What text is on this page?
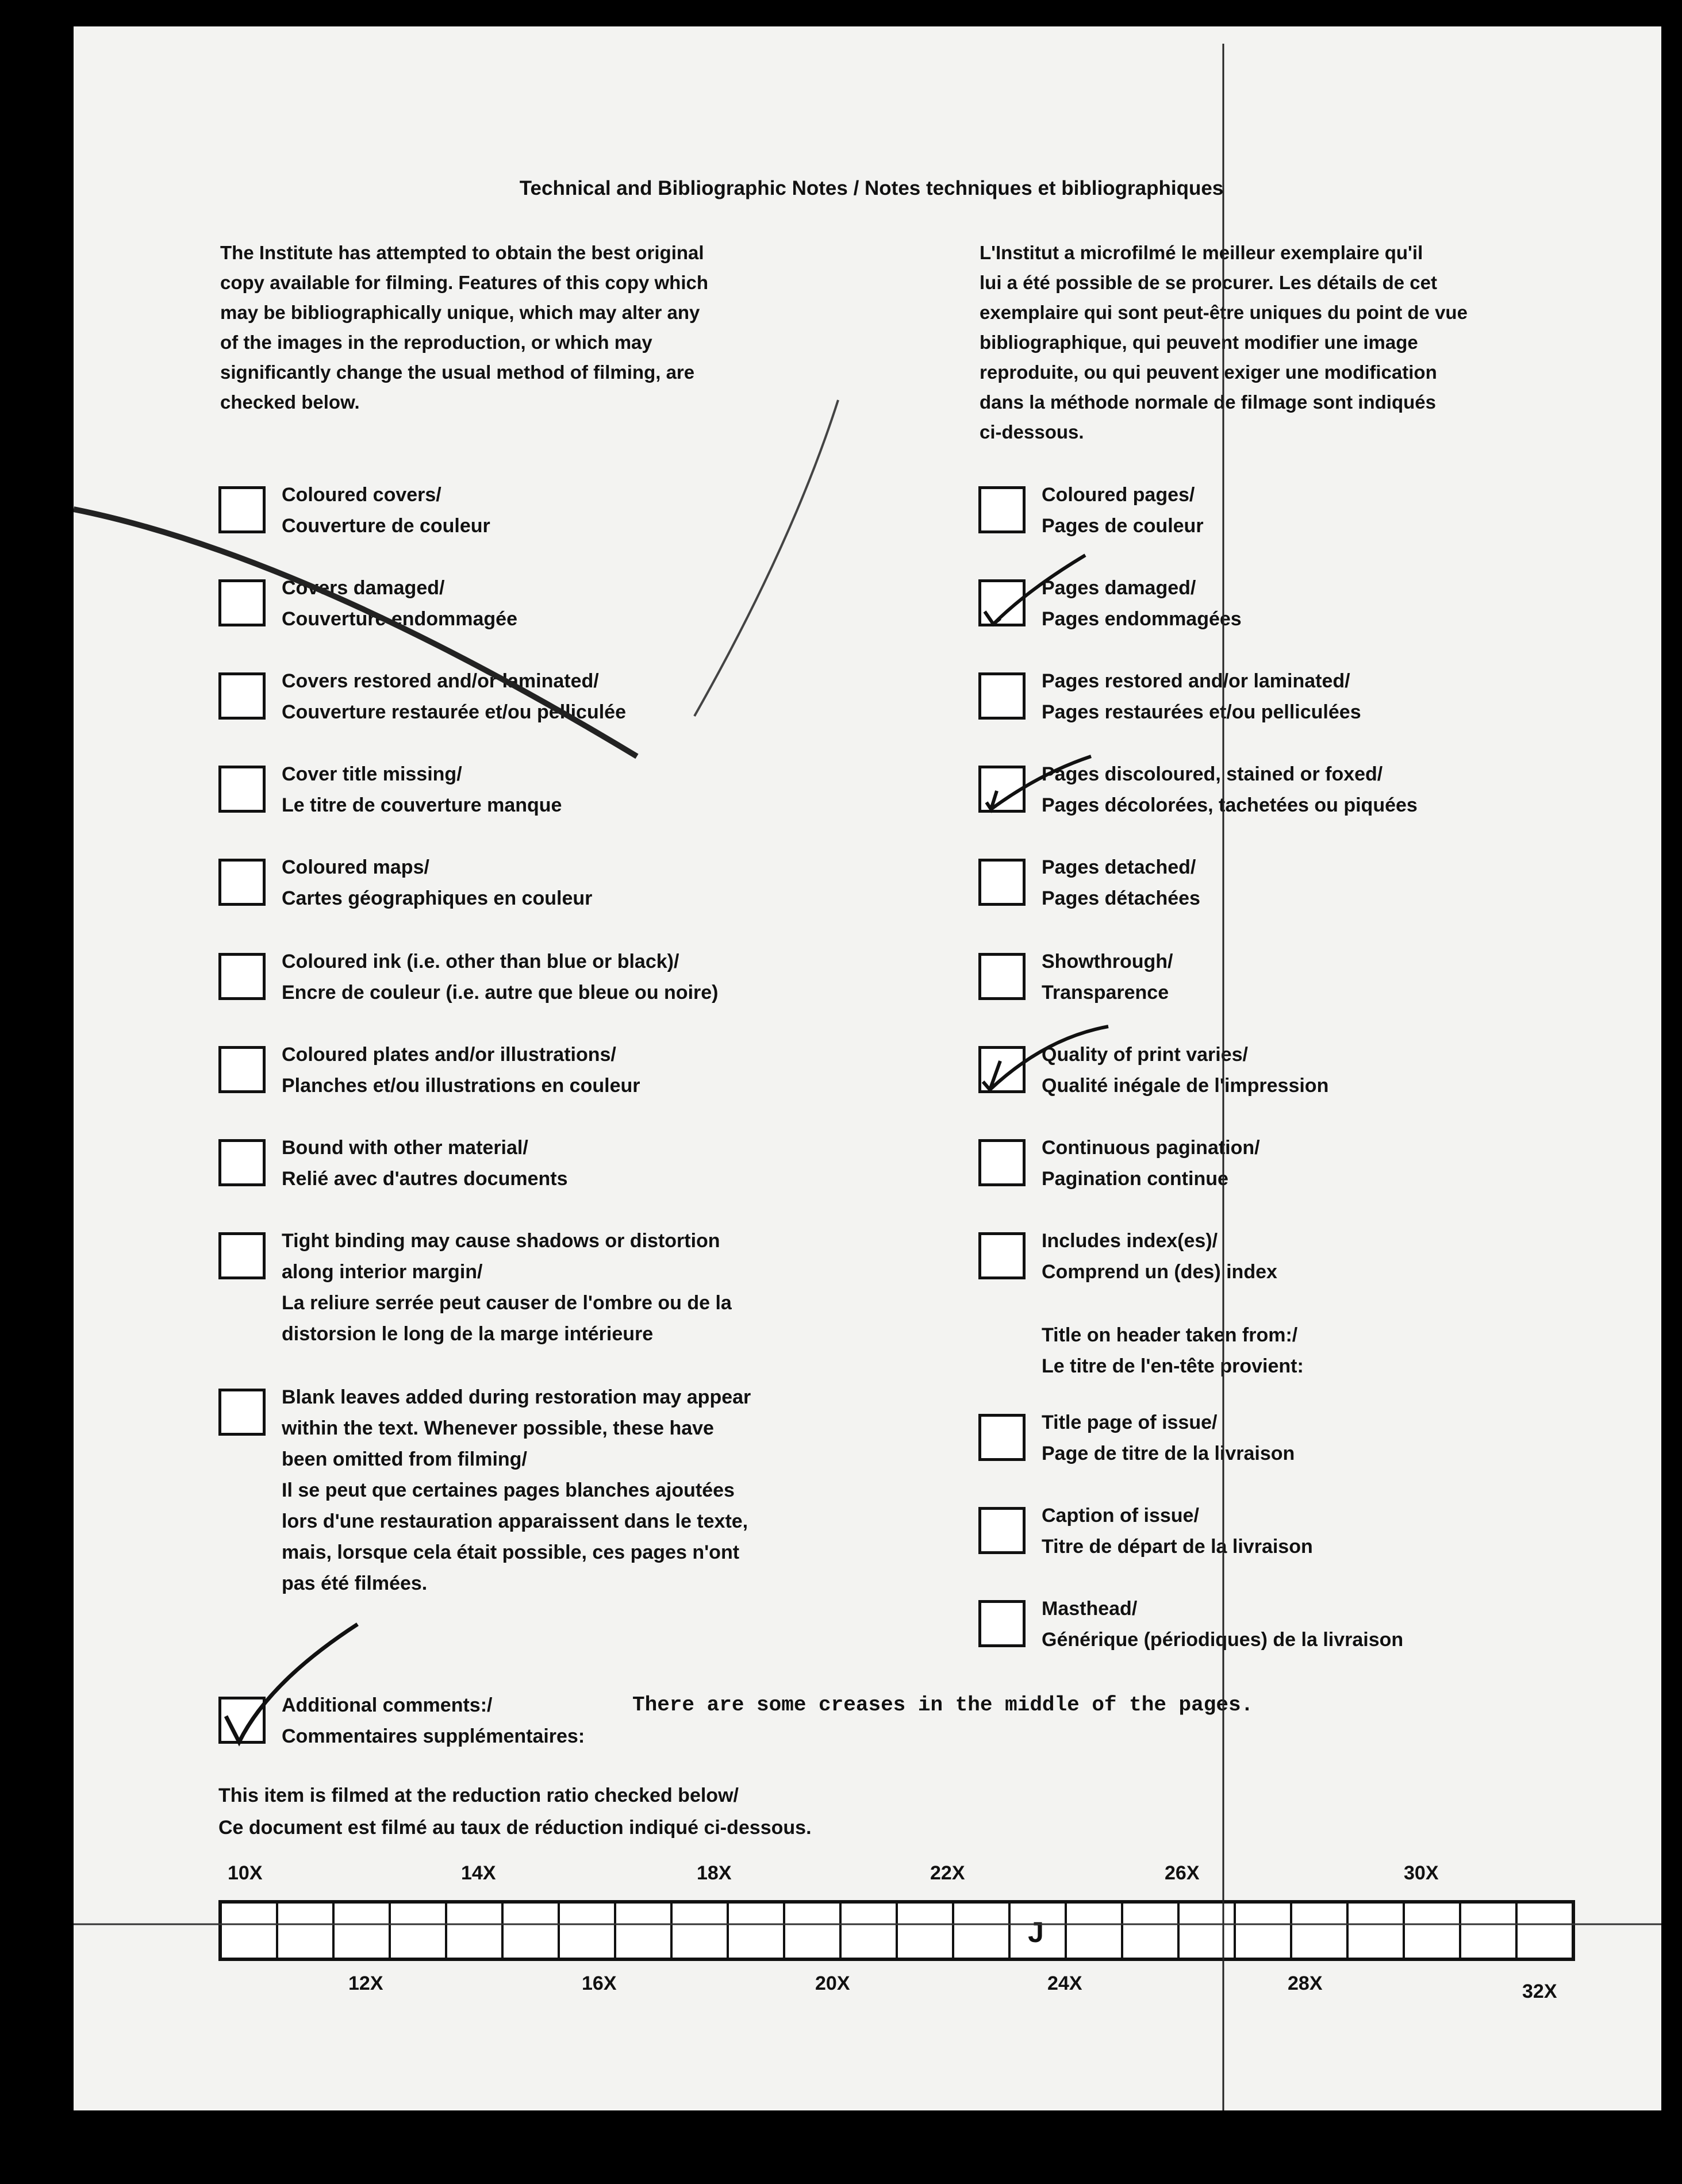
Technical and Bibliographic Notes / Notes techniques et bibliographiques
The Institute has attempted to obtain the best original
copy available for filming. Features of this copy which
may be bibliographically unique, which may alter any
of the images in the reproduction, or which may
significantly change the usual method of filming, are
checked below.
L'Institut a microfilmé le meilleur exemplaire qu'il
lui a été possible de se procurer. Les détails de cet
exemplaire qui sont peut-être uniques du point de vue
bibliographique, qui peuvent modifier une image
reproduite, ou qui peuvent exiger une modification
dans la méthode normale de filmage sont indiqués
ci-dessous.
Coloured covers/
Couverture de couleur
Covers damaged/
Couverture endommagée
Covers restored and/or laminated/
Couverture restaurée et/ou pelliculée
Cover title missing/
Le titre de couverture manque
Coloured maps/
Cartes géographiques en couleur
Coloured ink (i.e. other than blue or black)/
Encre de couleur (i.e. autre que bleue ou noire)
Coloured plates and/or illustrations/
Planches et/ou illustrations en couleur
Bound with other material/
Relié avec d'autres documents
Tight binding may cause shadows or distortion
along interior margin/
La reliure serrée peut causer de l'ombre ou de la
distorsion le long de la marge intérieure
Blank leaves added during restoration may appear
within the text. Whenever possible, these have
been omitted from filming/
Il se peut que certaines pages blanches ajoutées
lors d'une restauration apparaissent dans le texte,
mais, lorsque cela était possible, ces pages n'ont
pas été filmées.
Coloured pages/
Pages de couleur
Pages damaged/
Pages endommagées
Pages restored and/or laminated/
Pages restaurées et/ou pelliculées
Pages discoloured, stained or foxed/
Pages décolorées, tachetées ou piquées
Pages detached/
Pages détachées
Showthrough/
Transparence
Quality of print varies/
Qualité inégale de l'impression
Continuous pagination/
Pagination continue
Includes index(es)/
Comprend un (des) index
Title on header taken from:/
Le titre de l'en-tête provient:
Title page of issue/
Page de titre de la livraison
Caption of issue/
Titre de départ de la livraison
Masthead/
Générique (périodiques) de la livraison
Additional comments:/
Commentaires supplémentaires:
There are some creases in the middle of the pages.
This item is filmed at the reduction ratio checked below/
Ce document est filmé au taux de réduction indiqué ci-dessous.
10X	14X	18X	22X	26X	30X
J
12X	16X	20X	24X	28X	32X
